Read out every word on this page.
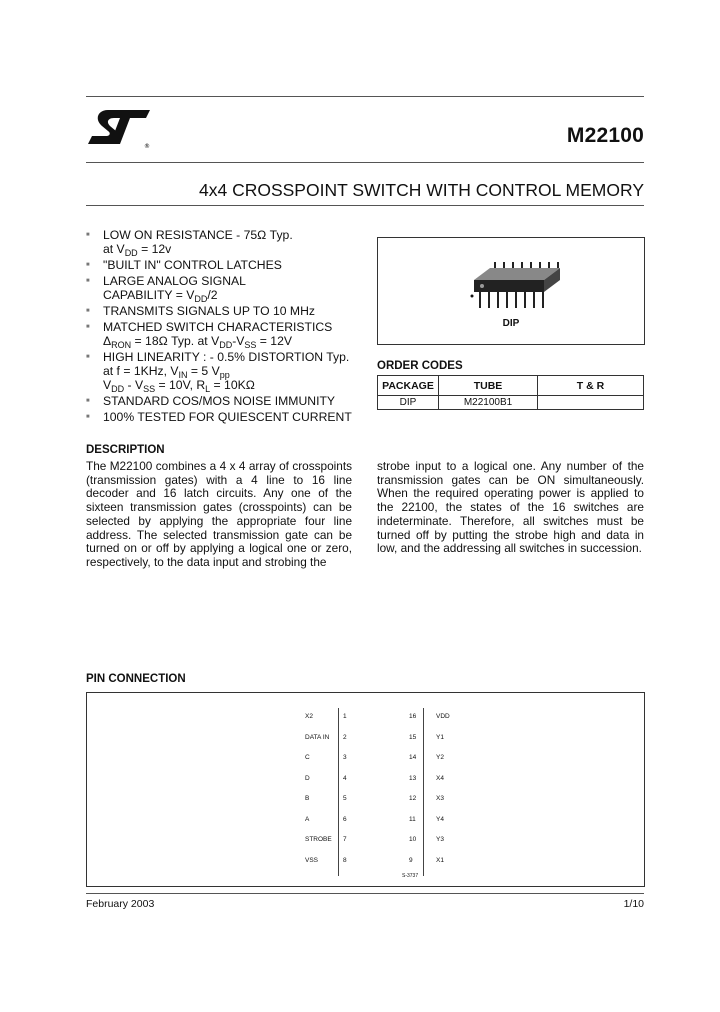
®	M22100
4x4 CROSSPOINT SWITCH WITH CONTROL MEMORY
■ LOW ON RESISTANCE - 75Ω Typ.
at $V_{DD} = 12v$
■ "BUILT IN" CONTROL LATCHES
■ LARGE ANALOG SIGNAL
CAPABILITY = $V_{DD}/2$
■ TRANSMITS SIGNALS UP TO 10 MHz
■ MATCHED SWITCH CHARACTERISTICS
$\Delta_{RON} = 18\Omega$ Typ. at $V_{DD}-V_{SS} = 12V$
■ HIGH LINEARITY : - 0.5% DISTORTION Typ.
at f = 1KHz, $V_{IN} = 5$ $V_{pp}$
$V_{DD} - V_{SS} = 10V$, $R_L = 10K\Omega$
■ STANDARD COS/MOS NOISE IMMUNITY
■ 100% TESTED FOR QUIESCENT CURRENT
DIP
ORDER CODES
PACKAGE	TUBE	T & R
DIP	M22100B1	
DESCRIPTION
The M22100 combines a 4 x 4 array of crosspoints (transmission gates) with a 4 line to 16 line decoder and 16 latch circuits. Any one of the sixteen transmission gates (crosspoints) can be selected by applying the appropriate four line address. The selected transmission gate can be turned on or off by applying a logical one or zero, respectively, to the data input and strobing the
strobe input to a logical one. Any number of the transmission gates can be ON simultaneously. When the required operating power is applied to the 22100, the states of the 16 switches are indeterminate. Therefore, all switches must be turned off by putting the strobe high and data in low, and the addressing all switches in succession.
PIN CONNECTION
X2	1
DATA IN 2
C	3
D	4
B	5
A	6
STROBE 7
VSS	8
16	VDD
15	Y1
14	Y2
13	X4
12	X3
11	Y4
10	Y3
9	X1
S-3737
February 2003	1/10
